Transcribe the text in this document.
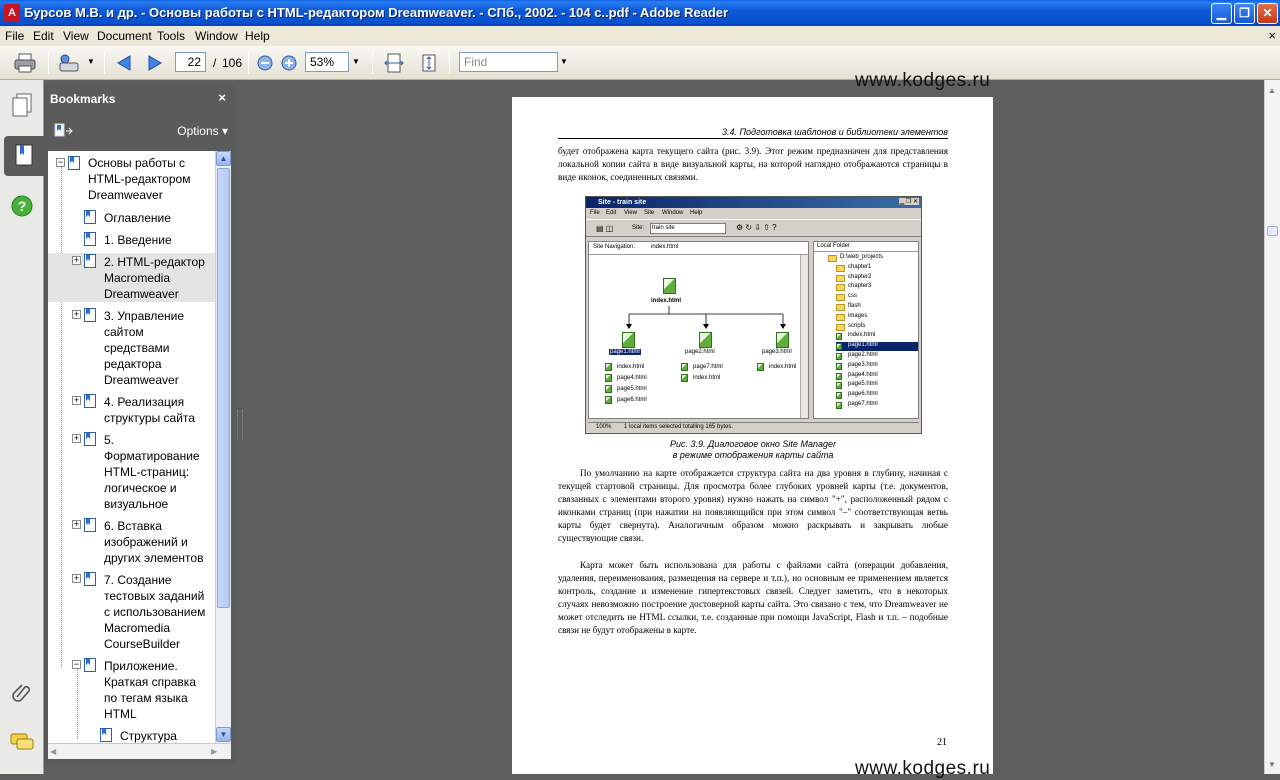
A Бурсов М.В. и др. - Основы работы с HTML-редактором Dreamweaver. - СПб., 2002. - 104 с..pdf - Adobe Reader	▁	❐	✕
File Edit View Document Tools Window Help	×
▼	22	/ 106	53%	▼	Find	▼
?
Bookmarks	×
Options ▾
− Основы работы с
HTML-редактором
Dreamweaver
Оглавление
1. Введение
+ 2. HTML-редактор
Macromedia
Dreamweaver
+ 3. Управление
сайтом
средствами
редактора
Dreamweaver
+ 4. Реализация
структуры сайта
+ 5.
Форматирование
HTML-страниц:
логическое и
визуальное
+ 6. Вставка
изображений и
других элементов
+ 7. Создание
тестовых заданий
с использованием
Macromedia
CourseBuilder
− Приложение.
Краткая справка
по тегам языка
HTML
Структура
▲
▼
◀	▶
www.kodges.ru
3.4. Подготовка шаблонов и библиотеки элементов
будет отображена карта текущего сайта (рис. 3.9). Этот режим предназначен для представления локальной копии сайта в виде визуальной карты, на которой наглядно отображаются страницы в виде иконок, соединенных связями.
Site - train site	▁ ❐ ✕
File Edit View Site Window Help
Site:	train site
▤ ◫	⚙ ↻ ⇩ ⇧ ?
Site Navigation:	index.html
index.html
page1.html	page2.html	page3.html
index.html
page4.html
page5.html
page6.html
page7.html
index.html
index.html
Local Folder
D:\web_projects
chapter1
chapter2
chapter3
css
flash
images
scripts
index.html
page1.html
page2.html
page3.html
page4.html
page5.html
page6.html
page7.html
100% 1 local items selected totalling 165 bytes.
Рис. 3.9. Диалоговое окно Site Manager
в режиме отображения карты сайта
По умолчанию на карте отображается структура сайта на два уровня в глубину, начиная с текущей стартовой страницы. Для просмотра более глубоких уровней карты (т.е. документов, связанных с элементами второго уровня) нужно нажать на символ "+", расположенный рядом с иконками страниц (при нажатии на появляющийся при этом символ "–" соответствующая ветвь карты будет свернута). Аналогичным образом можно раскрывать и закрывать любые существующие связи.
Карта может быть использована для работы с файлами сайта (операции добавления, удаления, переименования, размещения на сервере и т.п.), но основным ее применением является контроль, создание и изменение гипертекстовых связей. Следует заметить, что в некоторых случаях невозможно построение достоверной карты сайта. Это связано с тем, что Dreamweaver не может отследить не HTML ссылки, т.е. созданные при помощи JavaScript, Flash и т.п. – подобные связи не будут отображены в карте.
21
www.kodges.ru
▲
▼
